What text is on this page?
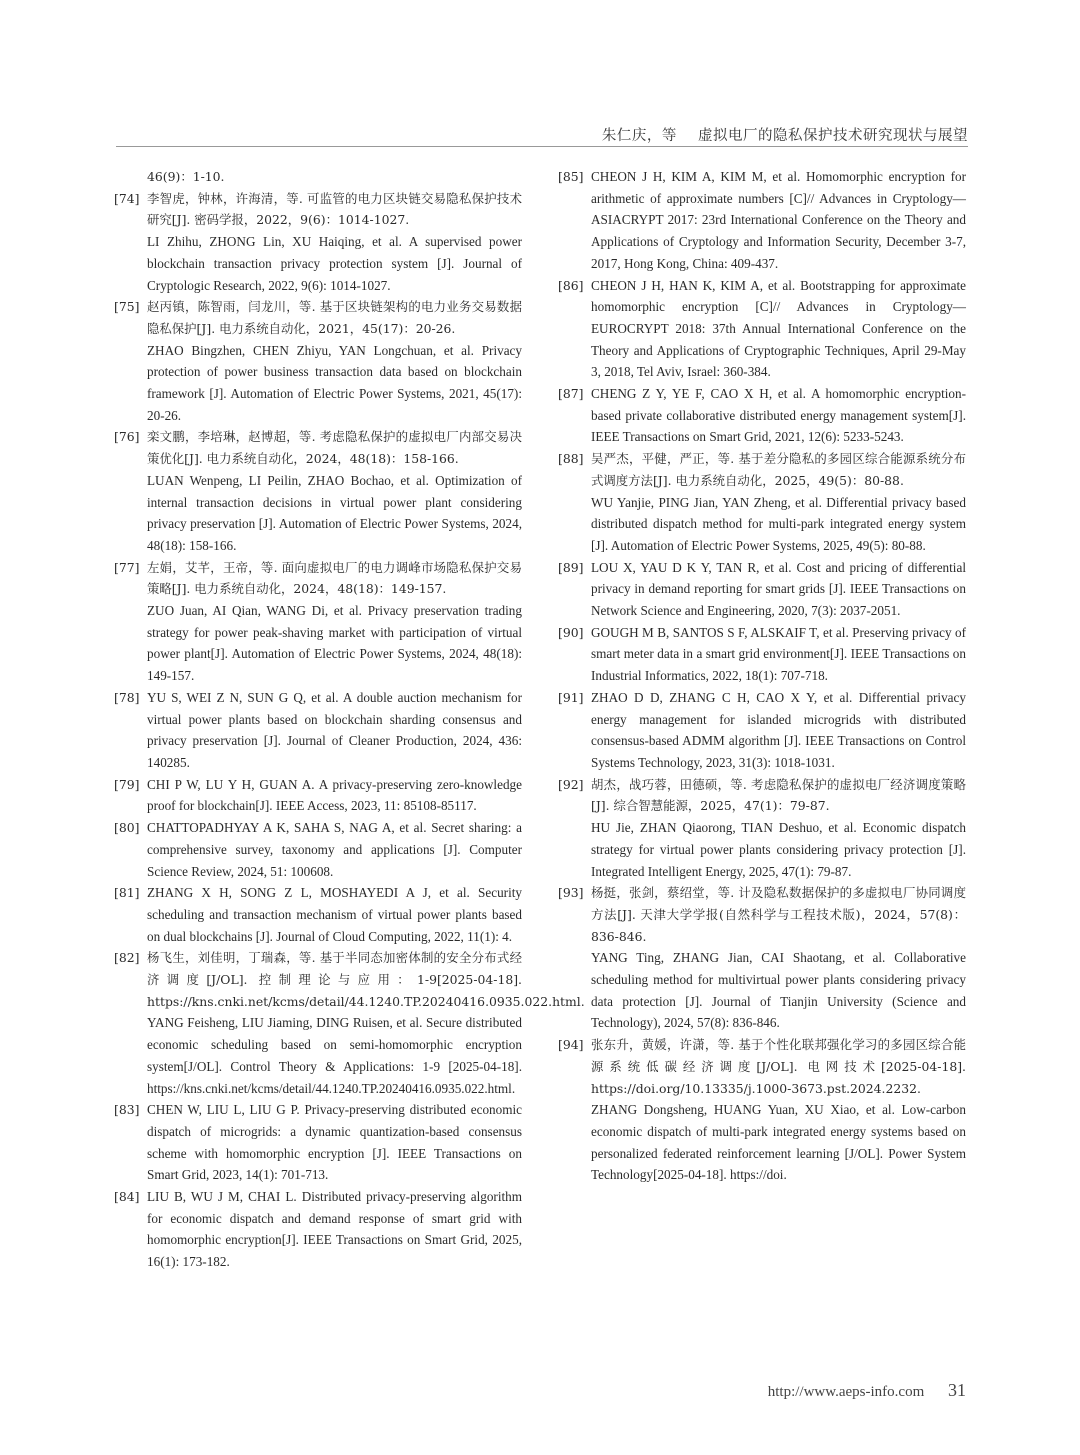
朱仁庆，等 虚拟电厂的隐私保护技术研究现状与展望
46(9)：1-10.
[74] 李智虎，钟林，许海清，等. 可监管的电力区块链交易隐私保护技术研究[J]. 密码学报，2022，9(6)：1014-1027.
LI Zhihu, ZHONG Lin, XU Haiqing, et al. A supervised power blockchain transaction privacy protection system [J]. Journal of Cryptologic Research, 2022, 9(6): 1014-1027.
[75] 赵丙镇，陈智雨，闫龙川，等. 基于区块链架构的电力业务交易数据隐私保护[J]. 电力系统自动化，2021，45(17)：20-26.
ZHAO Bingzhen, CHEN Zhiyu, YAN Longchuan, et al. Privacy protection of power business transaction data based on blockchain framework [J]. Automation of Electric Power Systems, 2021, 45(17): 20-26.
[76] 栾文鹏，李培琳，赵博超，等. 考虑隐私保护的虚拟电厂内部交易决策优化[J]. 电力系统自动化，2024，48(18)：158-166.
LUAN Wenpeng, LI Peilin, ZHAO Bochao, et al. Optimization of internal transaction decisions in virtual power plant considering privacy preservation [J]. Automation of Electric Power Systems, 2024, 48(18): 158-166.
[77] 左娟，艾芊，王帝，等. 面向虚拟电厂的电力调峰市场隐私保护交易策略[J]. 电力系统自动化，2024，48(18)：149-157.
ZUO Juan, AI Qian, WANG Di, et al. Privacy preservation trading strategy for power peak-shaving market with participation of virtual power plant[J]. Automation of Electric Power Systems, 2024, 48(18): 149-157.
[78] YU S, WEI Z N, SUN G Q, et al. A double auction mechanism for virtual power plants based on blockchain sharding consensus and privacy preservation [J]. Journal of Cleaner Production, 2024, 436: 140285.
[79] CHI P W, LU Y H, GUAN A. A privacy-preserving zero-knowledge proof for blockchain[J]. IEEE Access, 2023, 11: 85108-85117.
[80] CHATTOPADHYAY A K, SAHA S, NAG A, et al. Secret sharing: a comprehensive survey, taxonomy and applications [J]. Computer Science Review, 2024, 51: 100608.
[81] ZHANG X H, SONG Z L, MOSHAYEDI A J, et al. Security scheduling and transaction mechanism of virtual power plants based on dual blockchains [J]. Journal of Cloud Computing, 2022, 11(1): 4.
[82] 杨飞生，刘佳明，丁瑞森，等. 基于半同态加密体制的安全分布式经济调度[J/OL]. 控制理论与应用：1-9[2025-04-18]. https://kns.cnki.net/kcms/detail/44.1240.TP.20240416.0935.022.html.
YANG Feisheng, LIU Jiaming, DING Ruisen, et al. Secure distributed economic scheduling based on semi-homomorphic encryption system[J/OL]. Control Theory & Applications: 1-9 [2025-04-18]. https://kns.cnki.net/kcms/detail/44.1240.TP.20240416.0935.022.html.
[83] CHEN W, LIU L, LIU G P. Privacy-preserving distributed economic dispatch of microgrids: a dynamic quantization-based consensus scheme with homomorphic encryption [J]. IEEE Transactions on Smart Grid, 2023, 14(1): 701-713.
[84] LIU B, WU J M, CHAI L. Distributed privacy-preserving algorithm for economic dispatch and demand response of smart grid with homomorphic encryption[J]. IEEE Transactions on Smart Grid, 2025, 16(1): 173-182.
[85] CHEON J H, KIM A, KIM M, et al. Homomorphic encryption for arithmetic of approximate numbers [C]// Advances in Cryptology—ASIACRYPT 2017: 23rd International Conference on the Theory and Applications of Cryptology and Information Security, December 3-7, 2017, Hong Kong, China: 409-437.
[86] CHEON J H, HAN K, KIM A, et al. Bootstrapping for approximate homomorphic encryption [C]// Advances in Cryptology—EUROCRYPT 2018: 37th Annual International Conference on the Theory and Applications of Cryptographic Techniques, April 29-May 3, 2018, Tel Aviv, Israel: 360-384.
[87] CHENG Z Y, YE F, CAO X H, et al. A homomorphic encryption-based private collaborative distributed energy management system[J]. IEEE Transactions on Smart Grid, 2021, 12(6): 5233-5243.
[88] 吴严杰，平健，严正，等. 基于差分隐私的多园区综合能源系统分布式调度方法[J]. 电力系统自动化，2025，49(5)：80-88.
WU Yanjie, PING Jian, YAN Zheng, et al. Differential privacy based distributed dispatch method for multi-park integrated energy system [J]. Automation of Electric Power Systems, 2025, 49(5): 80-88.
[89] LOU X, YAU D K Y, TAN R, et al. Cost and pricing of differential privacy in demand reporting for smart grids [J]. IEEE Transactions on Network Science and Engineering, 2020, 7(3): 2037-2051.
[90] GOUGH M B, SANTOS S F, ALSKAIF T, et al. Preserving privacy of smart meter data in a smart grid environment[J]. IEEE Transactions on Industrial Informatics, 2022, 18(1): 707-718.
[91] ZHAO D D, ZHANG C H, CAO X Y, et al. Differential privacy energy management for islanded microgrids with distributed consensus-based ADMM algorithm [J]. IEEE Transactions on Control Systems Technology, 2023, 31(3): 1018-1031.
[92] 胡杰，战巧蓉，田德硕，等. 考虑隐私保护的虚拟电厂经济调度策略[J]. 综合智慧能源，2025，47(1)：79-87.
HU Jie, ZHAN Qiaorong, TIAN Deshuo, et al. Economic dispatch strategy for virtual power plants considering privacy protection [J]. Integrated Intelligent Energy, 2025, 47(1): 79-87.
[93] 杨挺，张剑，蔡绍堂，等. 计及隐私数据保护的多虚拟电厂协同调度方法[J]. 天津大学学报(自然科学与工程技术版)，2024，57(8)：836-846.
YANG Ting, ZHANG Jian, CAI Shaotang, et al. Collaborative scheduling method for multivirtual power plants considering privacy data protection [J]. Journal of Tianjin University (Science and Technology), 2024, 57(8): 836-846.
[94] 张东升，黄媛，许潇，等. 基于个性化联邦强化学习的多园区综合能源系统低碳经济调度[J/OL]. 电网技术[2025-04-18]. https://doi.org/10.13335/j.1000-3673.pst.2024.2232.
ZHANG Dongsheng, HUANG Yuan, XU Xiao, et al. Low-carbon economic dispatch of multi-park integrated energy systems based on personalized federated reinforcement learning [J/OL]. Power System Technology[2025-04-18]. https://doi.
http://www.aeps-info.com 31
